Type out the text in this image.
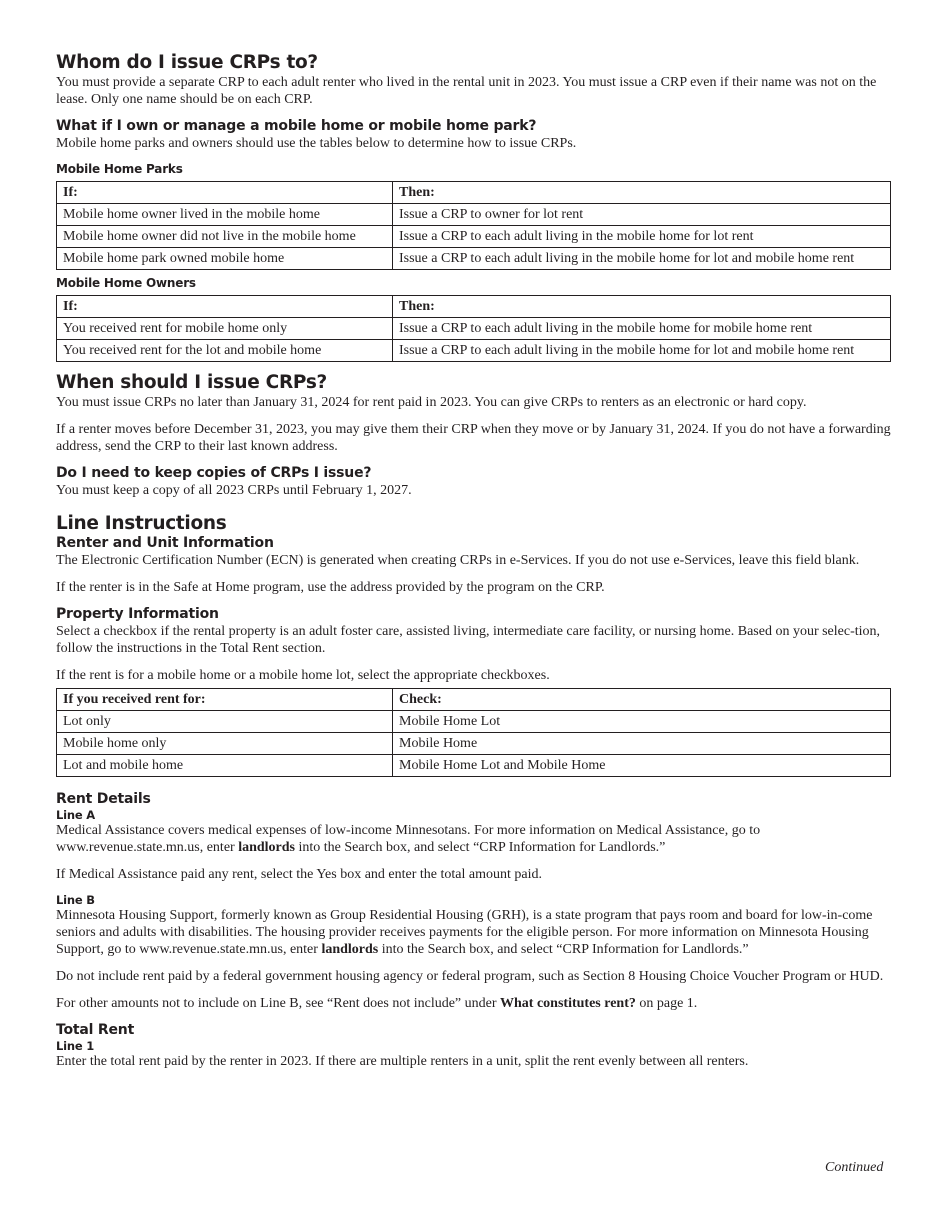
Whom do I issue CRPs to?

You must provide a separate CRP to each adult renter who lived in the rental unit in 2023. You must issue a CRP even if their name was not on the lease. Only one name should be on each CRP.

What if I own or manage a mobile home or mobile home park?

Mobile home parks and owners should use the tables below to determine how to issue CRPs.

Mobile Home Parks
If:	Then:
Mobile home owner lived in the mobile home	Issue a CRP to owner for lot rent
Mobile home owner did not live in the mobile home	Issue a CRP to each adult living in the mobile home for lot rent
Mobile home park owned mobile home	Issue a CRP to each adult living in the mobile home for lot and mobile home rent
Mobile Home Owners
If:	Then:
You received rent for mobile home only	Issue a CRP to each adult living in the mobile home for mobile home rent
You received rent for the lot and mobile home	Issue a CRP to each adult living in the mobile home for lot and mobile home rent
When should I issue CRPs?

You must issue CRPs no later than January 31, 2024 for rent paid in 2023. You can give CRPs to renters as an electronic or hard copy.

If a renter moves before December 31, 2023, you may give them their CRP when they move or by January 31, 2024. If you do not have a forwarding address, send the CRP to their last known address.

Do I need to keep copies of CRPs I issue?

You must keep a copy of all 2023 CRPs until February 1, 2027.

Line Instructions
Renter and Unit Information

The Electronic Certification Number (ECN) is generated when creating CRPs in e-Services. If you do not use e-Services, leave this field blank.

If the renter is in the Safe at Home program, use the address provided by the program on the CRP.

Property Information

Select a checkbox if the rental property is an adult foster care, assisted living, intermediate care facility, or nursing home. Based on your selec-tion, follow the instructions in the Total Rent section.

If the rent is for a mobile home or a mobile home lot, select the appropriate checkboxes.

If you received rent for:	Check:
Lot only	Mobile Home Lot
Mobile home only	Mobile Home
Lot and mobile home	Mobile Home Lot and Mobile Home
Rent Details
Line A

Medical Assistance covers medical expenses of low-income Minnesotans. For more information on Medical Assistance, go to www.revenue.state.mn.us, enter landlords into the Search box, and select “CRP Information for Landlords.”

If Medical Assistance paid any rent, select the Yes box and enter the total amount paid.

Line B

Minnesota Housing Support, formerly known as Group Residential Housing (GRH), is a state program that pays room and board for low-in-come seniors and adults with disabilities. The housing provider receives payments for the eligible person. For more information on Minnesota Housing Support, go to www.revenue.state.mn.us, enter landlords into the Search box, and select “CRP Information for Landlords.”

Do not include rent paid by a federal government housing agency or federal program, such as Section 8 Housing Choice Voucher Program or HUD.

For other amounts not to include on Line B, see “Rent does not include” under What constitutes rent? on page 1.

Total Rent
Line 1

Enter the total rent paid by the renter in 2023. If there are multiple renters in a unit, split the rent evenly between all renters.

Continued
